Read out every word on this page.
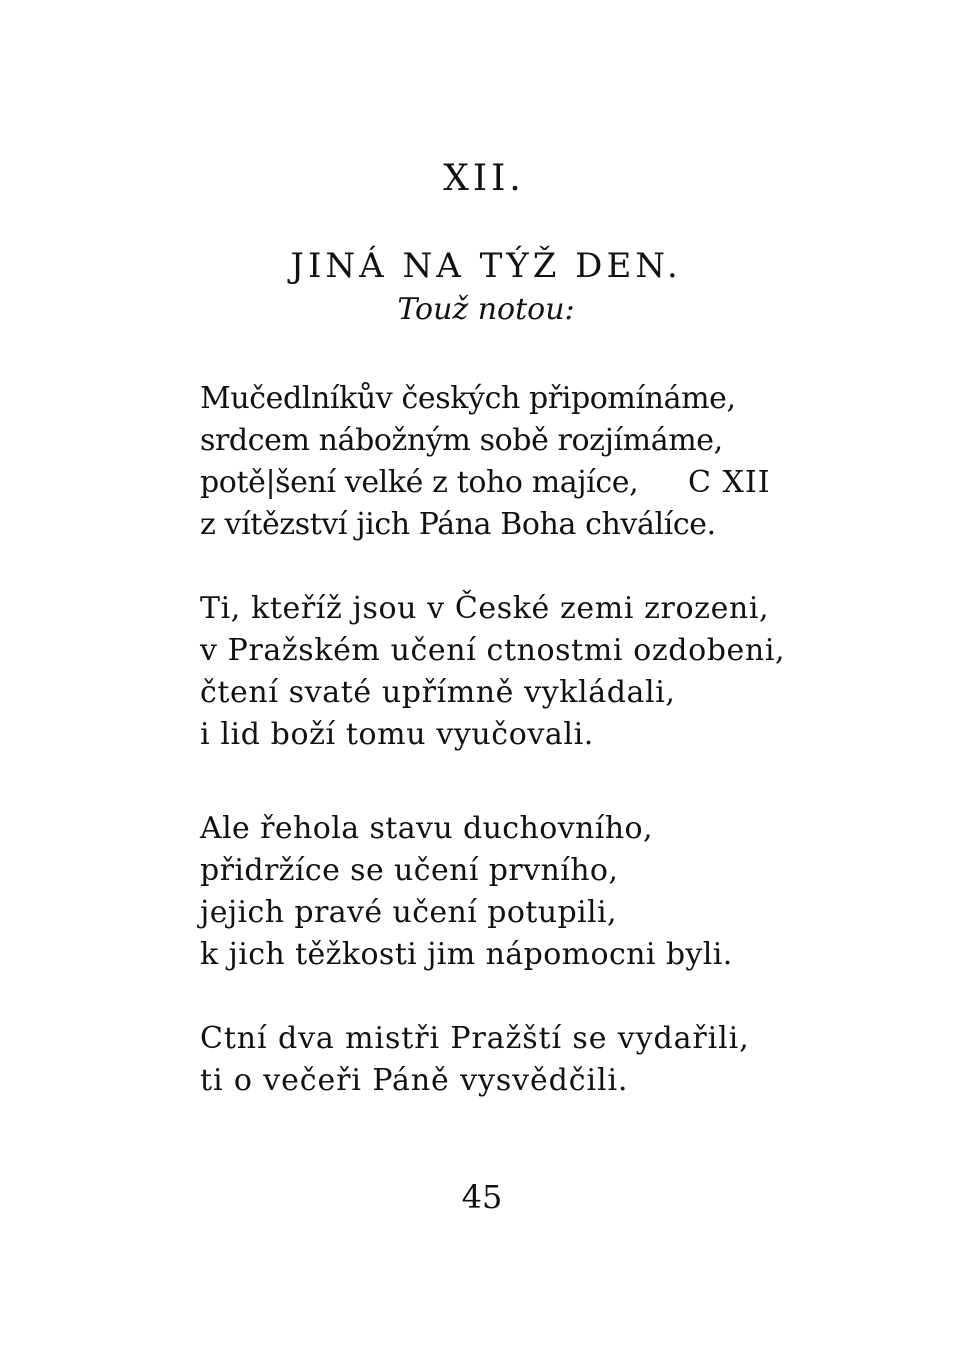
XII.
JINÁ NA TÝŽ DEN.
Touž notou:
Mučedlníkův českých připomínáme,
srdcem nábožným sobě rozjímáme,
potě|šení velké z toho majíce,
z vítězství jich Pána Boha chválíce.
C XII
Ti, kteříž jsou v České zemi zrozeni,
v Pražském učení ctnostmi ozdobeni,
čtení svaté upřímně vykládali,
i lid boží tomu vyučovali.
Ale řehola stavu duchovního,
přidržíce se učení prvního,
jejich pravé učení potupili,
k jich těžkosti jim nápomocni byli.
Ctní dva mistři Pražští se vydařili,
ti o večeři Páně vysvědčili.
45
